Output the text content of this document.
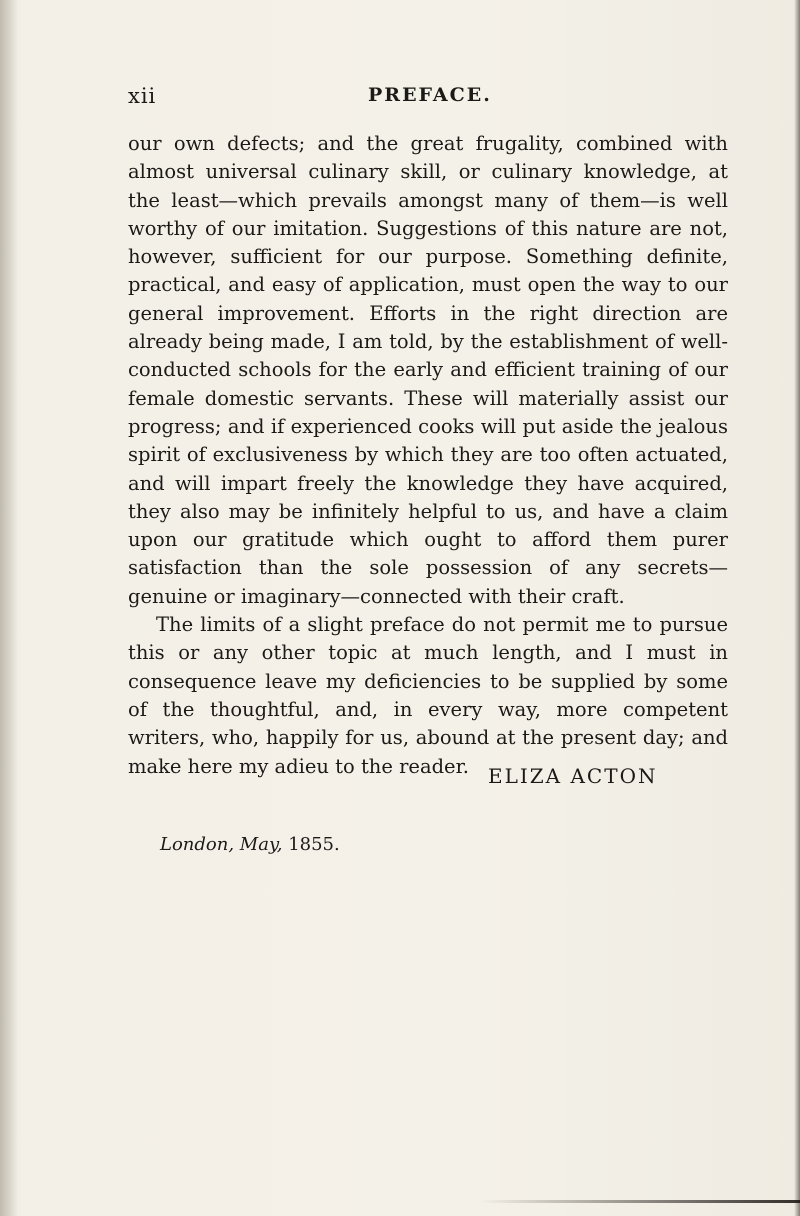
xii	PREFACE.

our own defects; and the great frugality, combined with almost universal culinary skill, or culinary knowledge, at the least—which prevails amongst many of them—is well worthy of our imitation. Suggestions of this nature are not, however, sufficient for our purpose. Something definite, practical, and easy of application, must open the way to our general improvement. Efforts in the right direction are already being made, I am told, by the establishment of well-conducted schools for the early and efficient training of our female domestic servants. These will materially assist our progress; and if experienced cooks will put aside the jealous spirit of exclusiveness by which they are too often actuated, and will impart freely the knowledge they have acquired, they also may be infinitely helpful to us, and have a claim upon our gratitude which ought to afford them purer satisfaction than the sole possession of any secrets—genuine or imaginary—connected with their craft.

The limits of a slight preface do not permit me to pursue this or any other topic at much length, and I must in consequence leave my deficiencies to be supplied by some of the thoughtful, and, in every way, more competent writers, who, happily for us, abound at the present day; and make here my adieu to the reader. ELIZA ACTON
London, May, 1855.
